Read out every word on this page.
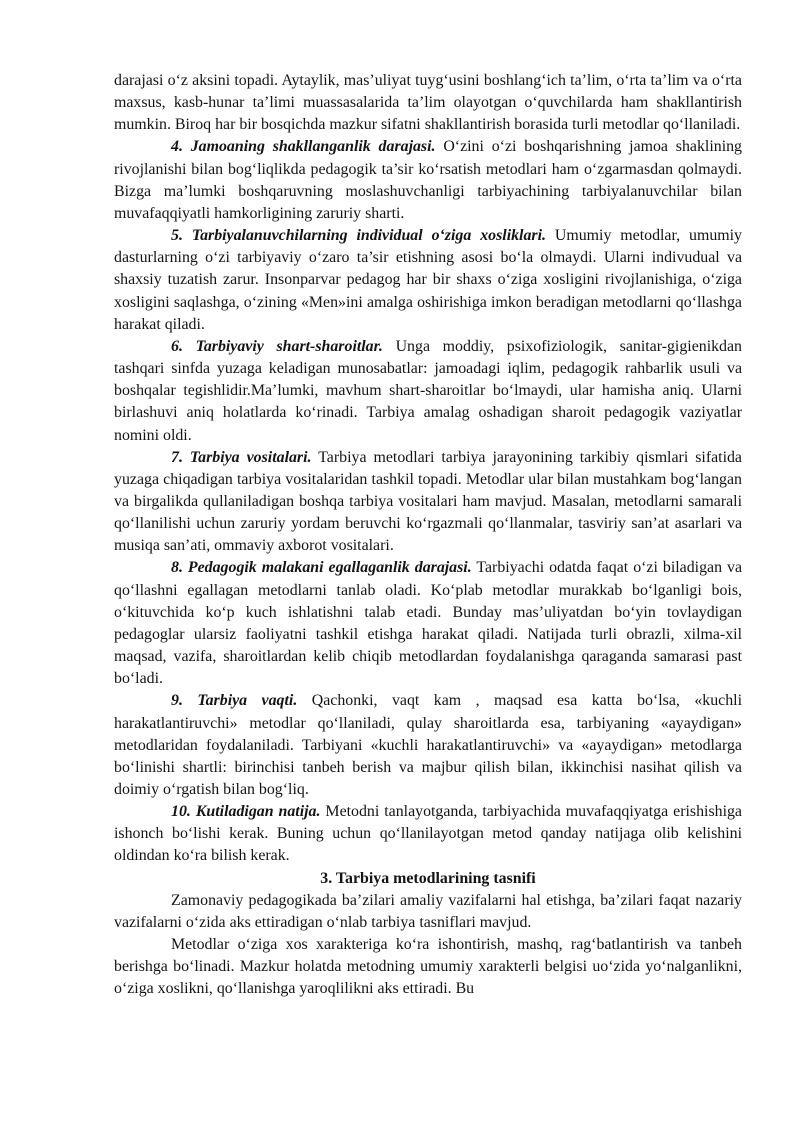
darajasi o‘z aksini topadi. Aytaylik, mas’uliyat tuyg‘usini boshlang‘ich ta’lim, o‘rta ta’lim va o‘rta maxsus, kasb-hunar ta’limi muassasalarida ta’lim olayotgan o‘quvchilarda ham shakllantirish mumkin. Biroq har bir bosqichda mazkur sifatni shakllantirish borasida turli metodlar qo‘llaniladi.

4. Jamoaning shakllanganlik darajasi. O‘zini o‘zi boshqarishning jamoa shaklining rivojlanishi bilan bog‘liqlikda pedagogik ta’sir ko‘rsatish metodlari ham o‘zgarmasdan qolmaydi. Bizga ma’lumki boshqaruvning moslashuvchanligi tarbiyachining tarbiyalanuvchilar bilan muvafaqqiyatli hamkorligining zaruriy sharti.

5. Tarbiyalanuvchilarning individual o‘ziga xosliklari. Umumiy metodlar, umumiy dasturlarning o‘zi tarbiyaviy o‘zaro ta’sir etishning asosi bo‘la olmaydi. Ularni indivudual va shaxsiy tuzatish zarur. Insonparvar pedagog har bir shaxs o‘ziga xosligini rivojlanishiga, o‘ziga xosligini saqlashga, o‘zining «Men»ini amalga oshirishiga imkon beradigan metodlarni qo‘llashga harakat qiladi.

6. Tarbiyaviy shart-sharoitlar. Unga moddiy, psixofiziologik, sanitar-gigienikdan tashqari sinfda yuzaga keladigan munosabatlar: jamoadagi iqlim, pedagogik rahbarlik usuli va boshqalar tegishlidir.Ma’lumki, mavhum shart-sharoitlar bo‘lmaydi, ular hamisha aniq. Ularni birlashuvi aniq holatlarda ko‘rinadi. Tarbiya amalag oshadigan sharoit pedagogik vaziyatlar nomini oldi.

7. Tarbiya vositalari. Tarbiya metodlari tarbiya jarayonining tarkibiy qismlari sifatida yuzaga chiqadigan tarbiya vositalaridan tashkil topadi. Metodlar ular bilan mustahkam bog‘langan va birgalikda qullaniladigan boshqa tarbiya vositalari ham mavjud. Masalan, metodlarni samarali qo‘llanilishi uchun zaruriy yordam beruvchi ko‘rgazmali qo‘llanmalar, tasviriy san’at asarlari va musiqa san’ati, ommaviy axborot vositalari.

8. Pedagogik malakani egallaganlik darajasi. Tarbiyachi odatda faqat o‘zi biladigan va qo‘llashni egallagan metodlarni tanlab oladi. Ko‘plab metodlar murakkab bo‘lganligi bois, o‘kituvchida ko‘p kuch ishlatishni talab etadi. Bunday mas’uliyatdan bo‘yin tovlaydigan pedagoglar ularsiz faoliyatni tashkil etishga harakat qiladi. Natijada turli obrazli, xilma-xil maqsad, vazifa, sharoitlardan kelib chiqib metodlardan foydalanishga qaraganda samarasi past bo‘ladi.

9. Tarbiya vaqti. Qachonki, vaqt kam , maqsad esa katta bo‘lsa, «kuchli harakatlantiruvchi» metodlar qo‘llaniladi, qulay sharoitlarda esa, tarbiyaning «ayaydigan» metodlaridan foydalaniladi. Tarbiyani «kuchli harakatlantiruvchi» va «ayaydigan» metodlarga bo‘linishi shartli: birinchisi tanbeh berish va majbur qilish bilan, ikkinchisi nasihat qilish va doimiy o‘rgatish bilan bog‘liq.

10. Kutiladigan natija. Metodni tanlayotganda, tarbiyachida muvafaqqiyatga erishishiga ishonch bo‘lishi kerak. Buning uchun qo‘llanilayotgan metod qanday natijaga olib kelishini oldindan ko‘ra bilish kerak.

3. Tarbiya metodlarining tasnifi

Zamonaviy pedagogikada ba’zilari amaliy vazifalarni hal etishga, ba’zilari faqat nazariy vazifalarni o‘zida aks ettiradigan o‘nlab tarbiya tasniflari mavjud.

Metodlar o‘ziga xos xarakteriga ko‘ra ishontirish, mashq, rag‘batlantirish va tanbeh berishga bo‘linadi. Mazkur holatda metodning umumiy xarakterli belgisi uo‘zida yo‘nalganlikni, o‘ziga xoslikni, qo‘llanishga yaroqlilikni aks ettiradi. Bu
